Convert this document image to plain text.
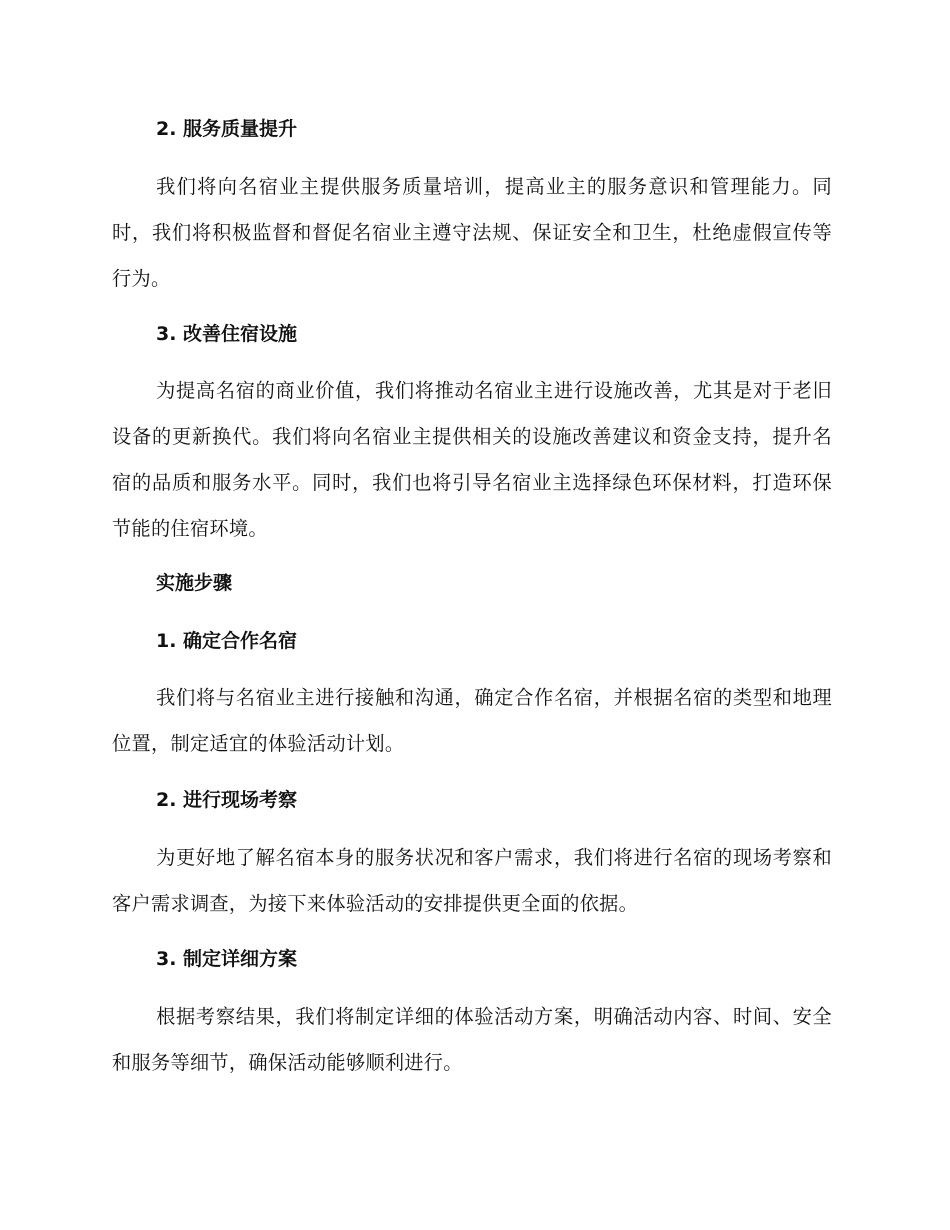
2. 服务质量提升

我们将向名宿业主提供服务质量培训，提高业主的服务意识和管理能力。同时，我们将积极监督和督促名宿业主遵守法规、保证安全和卫生，杜绝虚假宣传等行为。

3. 改善住宿设施

为提高名宿的商业价值，我们将推动名宿业主进行设施改善，尤其是对于老旧设备的更新换代。我们将向名宿业主提供相关的设施改善建议和资金支持，提升名宿的品质和服务水平。同时，我们也将引导名宿业主选择绿色环保材料，打造环保节能的住宿环境。

实施步骤
1. 确定合作名宿

我们将与名宿业主进行接触和沟通，确定合作名宿，并根据名宿的类型和地理位置，制定适宜的体验活动计划。

2. 进行现场考察

为更好地了解名宿本身的服务状况和客户需求，我们将进行名宿的现场考察和客户需求调查，为接下来体验活动的安排提供更全面的依据。

3. 制定详细方案

根据考察结果，我们将制定详细的体验活动方案，明确活动内容、时间、安全和服务等细节，确保活动能够顺利进行。
